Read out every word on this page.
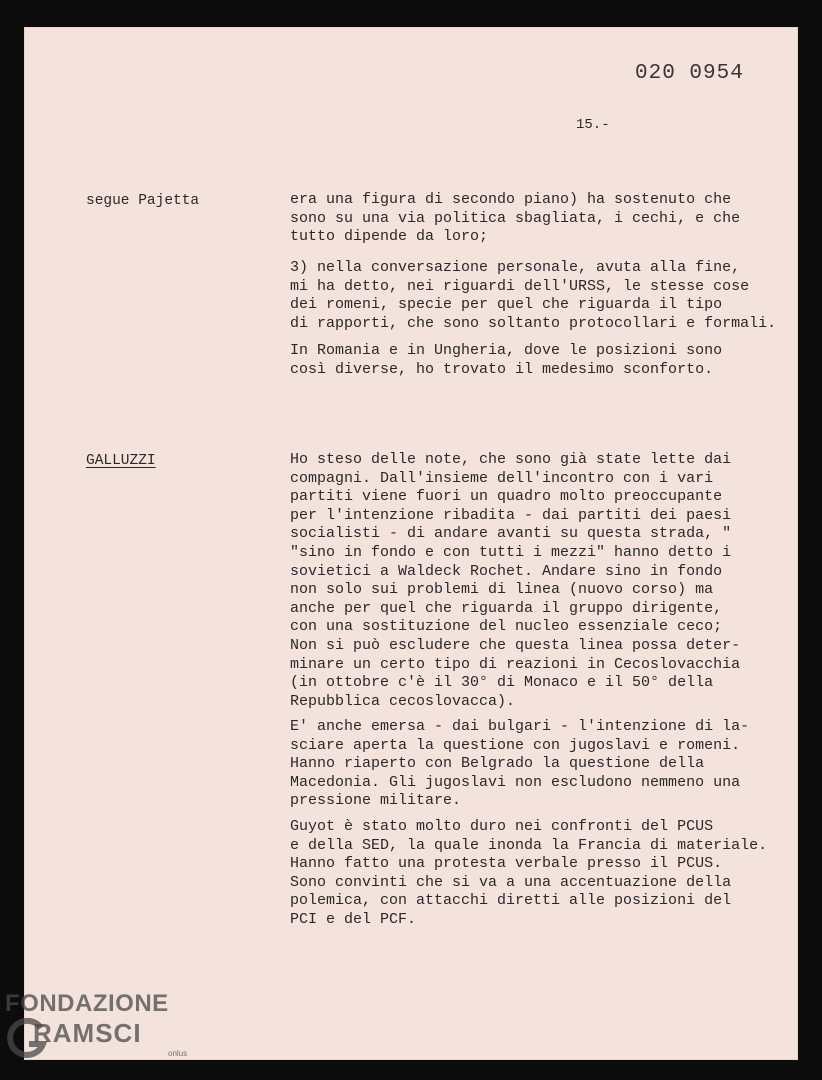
020 0954
15.-
segue Pajetta	era una figura di secondo piano) ha sostenuto che
sono su una via politica sbagliata, i cechi, e che
tutto dipende da loro;

3) nella conversazione personale, avuta alla fine,
mi ha detto, nei riguardi dell'URSS, le stesse cose
dei romeni, specie per quel che riguarda il tipo
di rapporti, che sono soltanto protocollari e formali.

In Romania e in Ungheria, dove le posizioni sono
così diverse, ho trovato il medesimo sconforto.

GALLUZZI	Ho steso delle note, che sono già state lette dai
compagni. Dall'insieme dell'incontro con i vari
partiti viene fuori un quadro molto preoccupante
per l'intenzione ribadita - dai partiti dei paesi
socialisti - di andare avanti su questa strada, "
"sino in fondo e con tutti i mezzi" hanno detto i
sovietici a Waldeck Rochet. Andare sino in fondo
non solo sui problemi di linea (nuovo corso) ma
anche per quel che riguarda il gruppo dirigente,
con una sostituzione del nucleo essenziale ceco;
Non si può escludere che questa linea possa deter-
minare un certo tipo di reazioni in Cecoslovacchia
(in ottobre c'è il 30° di Monaco e il 50° della
Repubblica cecoslovacca).

E' anche emersa - dai bulgari - l'intenzione di la-
sciare aperta la questione con jugoslavi e romeni.
Hanno riaperto con Belgrado la questione della
Macedonia. Gli jugoslavi non escludono nemmeno una
pressione militare.

Guyot è stato molto duro nei confronti del PCUS
e della SED, la quale inonda la Francia di materiale.
Hanno fatto una protesta verbale presso il PCUS.
Sono convinti che si va a una accentuazione della
polemica, con attacchi diretti alle posizioni del
PCI e del PCF.

FONDAZIONE
RAMSCI
onlus
